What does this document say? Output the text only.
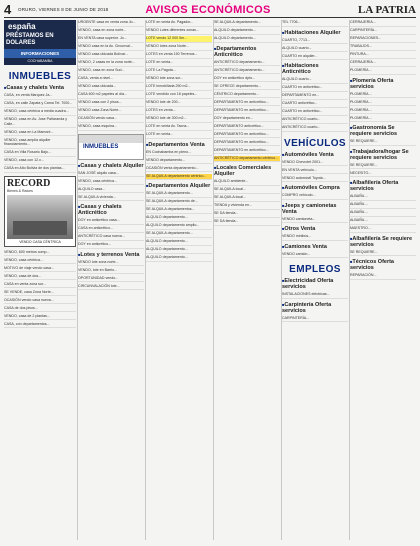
4 ORURO, VIERNES 8 DE JUNIO DE 2018	AVISOS ECONÓMICOS	LA PATRIA
españa
PRÉSTAMOS EN DOLARES
INFORMACIONES
COCHABAMBA
INMUEBLES
■ Casas y chalets Venta

CASA, en venta Marquez Ja...

CASA, en calle Zapata y Cama Tel. 7000...

VENDO, casa céntrica a media cuadra...

VENDO, casa en Av. Jose Pañaranda y Calle...

VENDO, casa en La Mamoré...

VENDO, casa amplia alquiler financiamiento...

CASA en Villa Rosario Bajo...

VENDO, casa con 12.x...

CASA en Alto Bolivia de dos plantas...

RECORD
Bienes & Raíces
VENDO CASA CÉNTRICA

VENDO, 600 metros comp...

VENDO, casa céntrica...

MOTIVO de viaje vendo casa...

VENDO, casa de dos...

CASA en venta zona sur...

SE VENDE, casa Zona Norte...

OCASIÓN vendo casa nueva...

CASA de dos pisos...

VENDO, casa de 2 plantas...

CASA, con departamentos...

URGENTE casa en venta zona Jo...

VENDO, casa en zona norte...

EN VENTA casa superior. Jo...

VENDO casa en la Av. Circunval...

VENDO casa ubicada Bolívar...

VENDO, 2 casas en la zona norte...

VENDO, casa en zona Sud...

CASA, venta a nivel...

VENDO casa ubicada...

CASA 600 m2 papeles al día...

VENDO casa con 2 pisos...

VENDO casa Zona Norte...

OCASIÓN vendo casa...

VENDO, casa esquina...

INMUEBLES
■ Casas y chalets Alquiler

SAN JOSÉ alquilo casa...

VENDO, casa céntrica...

ALQUILO casa...

SE ALQUILA vivienda...

■ Casas y chalets Anticrético

DOY en anticrético casa...

CASA en anticrético...

ANTICRÉTICO casa nueva...

DOY en anticrético...

■ Lotes y terrenos Venta

VENDO lote zona norte...

VENDO, lote en Barrio...

OPORTUNIDAD vendo...

CIRCUNVALACIÓN lote...

LOTE en venta Av. Pagador...

VENDO Lotes diferentes zonas...

LOTE vendo 12 000 5m...

VENDO lotes zona Norte...

LOTES en venta 150 Terrenos...

LOTE en venta...

LOTE La Pagota...

VENDO lote zona sur...

LOTE inmobiliaria 250 m2...

LOTE vendido con 18 papeles...

VENDO lote de 200...

LOTES en venta...

VENDO lote de 300 m2...

LOTE en venta Av. Tacna...

LOTE en venta...

■ Departamentos Venta

EN Cochabamba en pleno...

VENDO departamento...

OCASIÓN venta departamento...

SE ALQUILA departamento céntrico...

■ Departamentos Alquiler

SE ALQUILA departamento...

SE ALQUILA departamento de...

SE ALQUILA departamentos...

ALQUILO departamento...

ALQUILO departamento amplio...

SE ALQUILA departamento...

ALQUILO departamento...

ALQUILO departamento...

ALQUILO departamento...

SE ALQUILA departamento...

ALQUILO departamento...

ALQUILO departamento...

■ Departamentos Anticrético

ANTICRÉTICO departamento...

ANTICRÉTICO departamento...

DOY en anticrético dpto...

SE OFRECE departamento...

CÉNTRICO departamento...

DEPARTAMENTO en anticrético...

DEPARTAMENTO en anticrético...

DOY departamento en...

DEPARTAMENTO anticrético...

DEPARTAMENTO en anticrético...

DEPARTAMENTO en anticrético...

DEPARTAMENTO en anticrético...

ANTICRÉTICO departamento céntrico...

■ Locales Comerciales Alquiler

ALQUILO ambiente...

SE ALQUILA local...

SE ALQUILA local...

TIENDA y vivienda en...

SE DA tienda...

SE DA tienda...

TEL 7706...

■ Habitaciones Alquiler

CUARTO, 7713...

ALQUILO cuarto...

CUARTO en alquiler...

■ Habitaciones Anticrético

ALQUILO cuarto...

CUARTO en anticrético...

DEPARTAMENTO en...

CUARTO anticrético...

CUARTO en anticrético...

ANTICRÉTICO cuarto...

ANTICRÉTICO cuarto...

VEHÍCULOS
■ Automóviles Venta

VENDO Chevrolet 2001...

EN VENTA vehículo...

VENDO automóvil Toyota...

■ Automóviles Compra

COMPRO vehículo...

■ Jeeps y camionetas Venta

VENDO camioneta...

■ Otros Venta

VENDO minibús...

■ Camiones Venta

VENDO camión...

EMPLEOS
■ Electricidad Oferta servicios

INSTALACIONES eléctricas...

■ Carpintería Oferta servicios

CARPINTERÍA...

CERRAJERÍA...

CARPINTERÍA...

REPARACIONES...

TRABAJOS...

PINTURA...

CERRAJERÍA...

PLOMERÍA...

■ Plomería Oferta servicios

PLOMERÍA...

PLOMERÍA...

PLOMERÍA...

PLOMERÍA...

■ Gastronomía Se requiere servicios

SE REQUIERE...

■ Trabajadora/hogar Se requiere servicios

SE REQUIERE...

NECESITO...

■ Albañilería Oferta servicios

ALBAÑIL...

ALBAÑIL...

ALBAÑIL...

ALBAÑIL...

MAESTRO...

■ Albañilería Se requiere servicios

SE REQUIERE...

■ Técnicos Oferta servicios

REPARACIÓN...
